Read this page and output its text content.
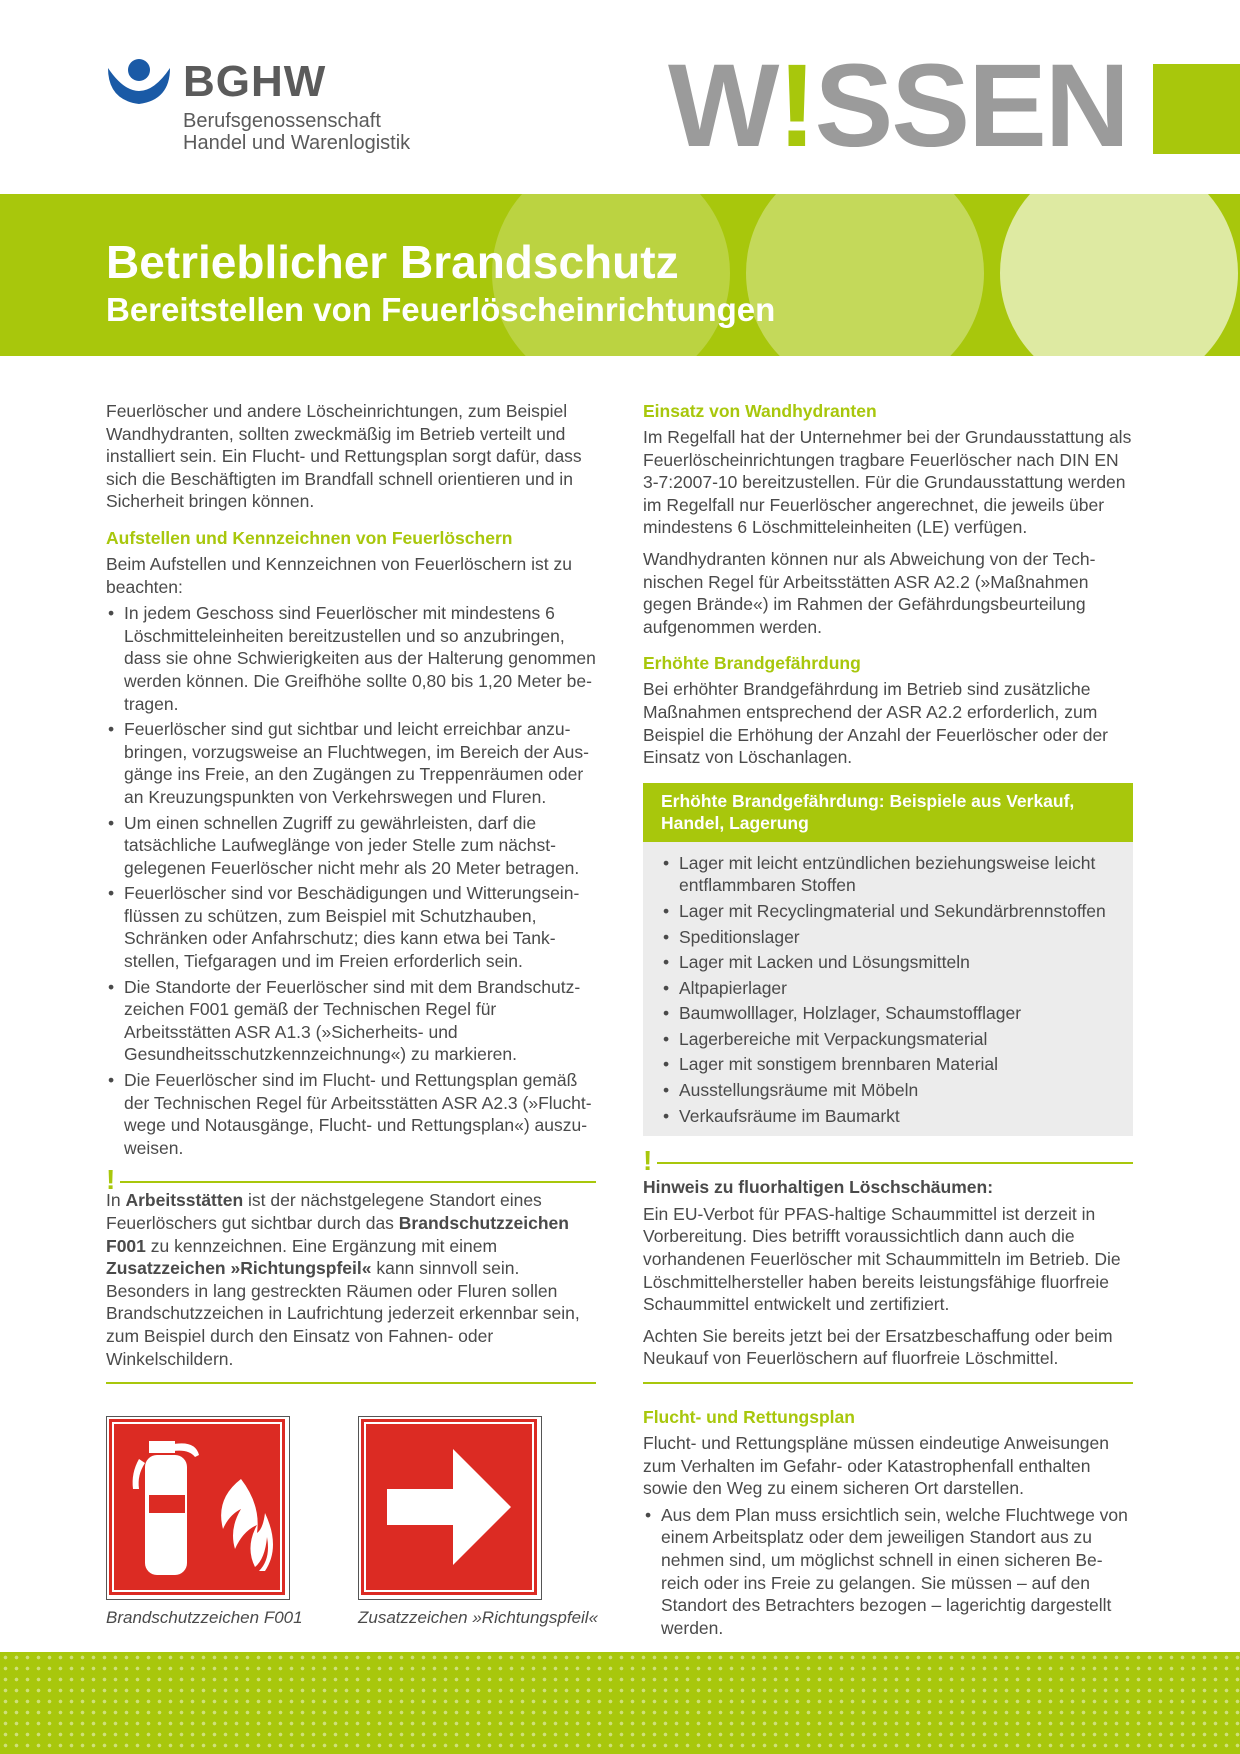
BGHW
Berufsgenossenschaft
Handel und Warenlogistik W!SSEN
Betrieblicher Brandschutz
Bereitstellen von Feuerlöscheinrichtungen

Feuerlöscher und andere Löscheinrichtungen, zum Beispiel Wandhydranten, sollten zweckmäßig im Betrieb verteilt und installiert sein. Ein Flucht- und Rettungsplan sorgt dafür, dass sich die Beschäftigten im Brandfall schnell orientieren und in Sicherheit bringen können.

Aufstellen und Kennzeichnen von Feuerlöschern

Beim Aufstellen und Kennzeichnen von Feuerlöschern ist zu beachten:

• In jedem Geschoss sind Feuerlöscher mit mindestens 6 Löschmitteleinheiten bereitzustellen und so anzubringen, dass sie ohne Schwierigkeiten aus der Halterung genommen werden können. Die Greifhöhe sollte 0,80 bis 1,20 Meter betragen.
• Feuerlöscher sind gut sichtbar und leicht erreichbar anzubringen, vorzugsweise an Fluchtwegen, im Bereich der Ausgänge ins Freie, an den Zugängen zu Treppenräumen oder an Kreuzungspunkten von Verkehrswegen und Fluren.
• Um einen schnellen Zugriff zu gewährleisten, darf die tatsächliche Laufweglänge von jeder Stelle zum nächstgelegenen Feuerlöscher nicht mehr als 20 Meter betragen.
• Feuerlöscher sind vor Beschädigungen und Witterungseinflüssen zu schützen, zum Beispiel mit Schutzhauben, Schränken oder Anfahrschutz; dies kann etwa bei Tankstellen, Tiefgaragen und im Freien erforderlich sein.
• Die Standorte der Feuerlöscher sind mit dem Brandschutzzeichen F001 gemäß der Technischen Regel für Arbeitsstätten ASR A1.3 (»Sicherheits- und Gesundheitsschutzkennzeichnung«) zu markieren.
• Die Feuerlöscher sind im Flucht- und Rettungsplan gemäß der Technischen Regel für Arbeitsstätten ASR A2.3 (»Fluchtwege und Notausgänge, Flucht- und Rettungsplan«) auszuweisen.
!

In Arbeitsstätten ist der nächstgelegene Standort eines Feuerlöschers gut sichtbar durch das Brandschutzzeichen F001 zu kennzeichnen. Eine Ergänzung mit einem Zusatzzeichen »Richtungspfeil« kann sinnvoll sein. Besonders in lang gestreckten Räumen oder Fluren sollen Brandschutzzeichen in Laufrichtung jederzeit erkennbar sein, zum Beispiel durch den Einsatz von Fahnen- oder Winkelschildern.

Brandschutzzeichen F001	Zusatzzeichen »Richtungspfeil«
Einsatz von Wandhydranten

Im Regelfall hat der Unternehmer bei der Grundausstattung als Feuerlöscheinrichtungen tragbare Feuerlöscher nach DIN EN 3-7:2007-10 bereitzustellen. Für die Grundausstattung werden im Regelfall nur Feuerlöscher angerechnet, die jeweils über mindestens 6 Löschmitteleinheiten (LE) verfügen.

Wandhydranten können nur als Abweichung von der Technischen Regel für Arbeitsstätten ASR A2.2 (»Maßnahmen gegen Brände«) im Rahmen der Gefährdungsbeurteilung aufgenommen werden.

Erhöhte Brandgefährdung

Bei erhöhter Brandgefährdung im Betrieb sind zusätzliche Maßnahmen entsprechend der ASR A2.2 erforderlich, zum Beispiel die Erhöhung der Anzahl der Feuerlöscher oder der Einsatz von Löschanlagen.

Erhöhte Brandgefährdung: Beispiele aus Verkauf, Handel, Lagerung
• Lager mit leicht entzündlichen beziehungsweise leicht entflammbaren Stoffen
• Lager mit Recyclingmaterial und Sekundärbrennstoffen
• Speditionslager
• Lager mit Lacken und Lösungsmitteln
• Altpapierlager
• Baumwolllager, Holzlager, Schaumstofflager
• Lagerbereiche mit Verpackungsmaterial
• Lager mit sonstigem brennbaren Material
• Ausstellungsräume mit Möbeln
• Verkaufsräume im Baumarkt
!
Hinweis zu fluorhaltigen Löschschäumen:

Ein EU-Verbot für PFAS-haltige Schaummittel ist derzeit in Vorbereitung. Dies betrifft voraussichtlich dann auch die vorhandenen Feuerlöscher mit Schaummitteln im Betrieb. Die Löschmittelhersteller haben bereits leistungsfähige fluorfreie Schaummittel entwickelt und zertifiziert.

Achten Sie bereits jetzt bei der Ersatzbeschaffung oder beim Neukauf von Feuerlöschern auf fluorfreie Löschmittel.

Flucht- und Rettungsplan

Flucht- und Rettungspläne müssen eindeutige Anweisungen zum Verhalten im Gefahr- oder Katastrophenfall enthalten sowie den Weg zu einem sicheren Ort darstellen.

• Aus dem Plan muss ersichtlich sein, welche Fluchtwege von einem Arbeitsplatz oder dem jeweiligen Standort aus zu nehmen sind, um möglichst schnell in einen sicheren Bereich oder ins Freie zu gelangen. Sie müssen – auf den Standort des Betrachters bezogen – lagerichtig dargestellt werden.
